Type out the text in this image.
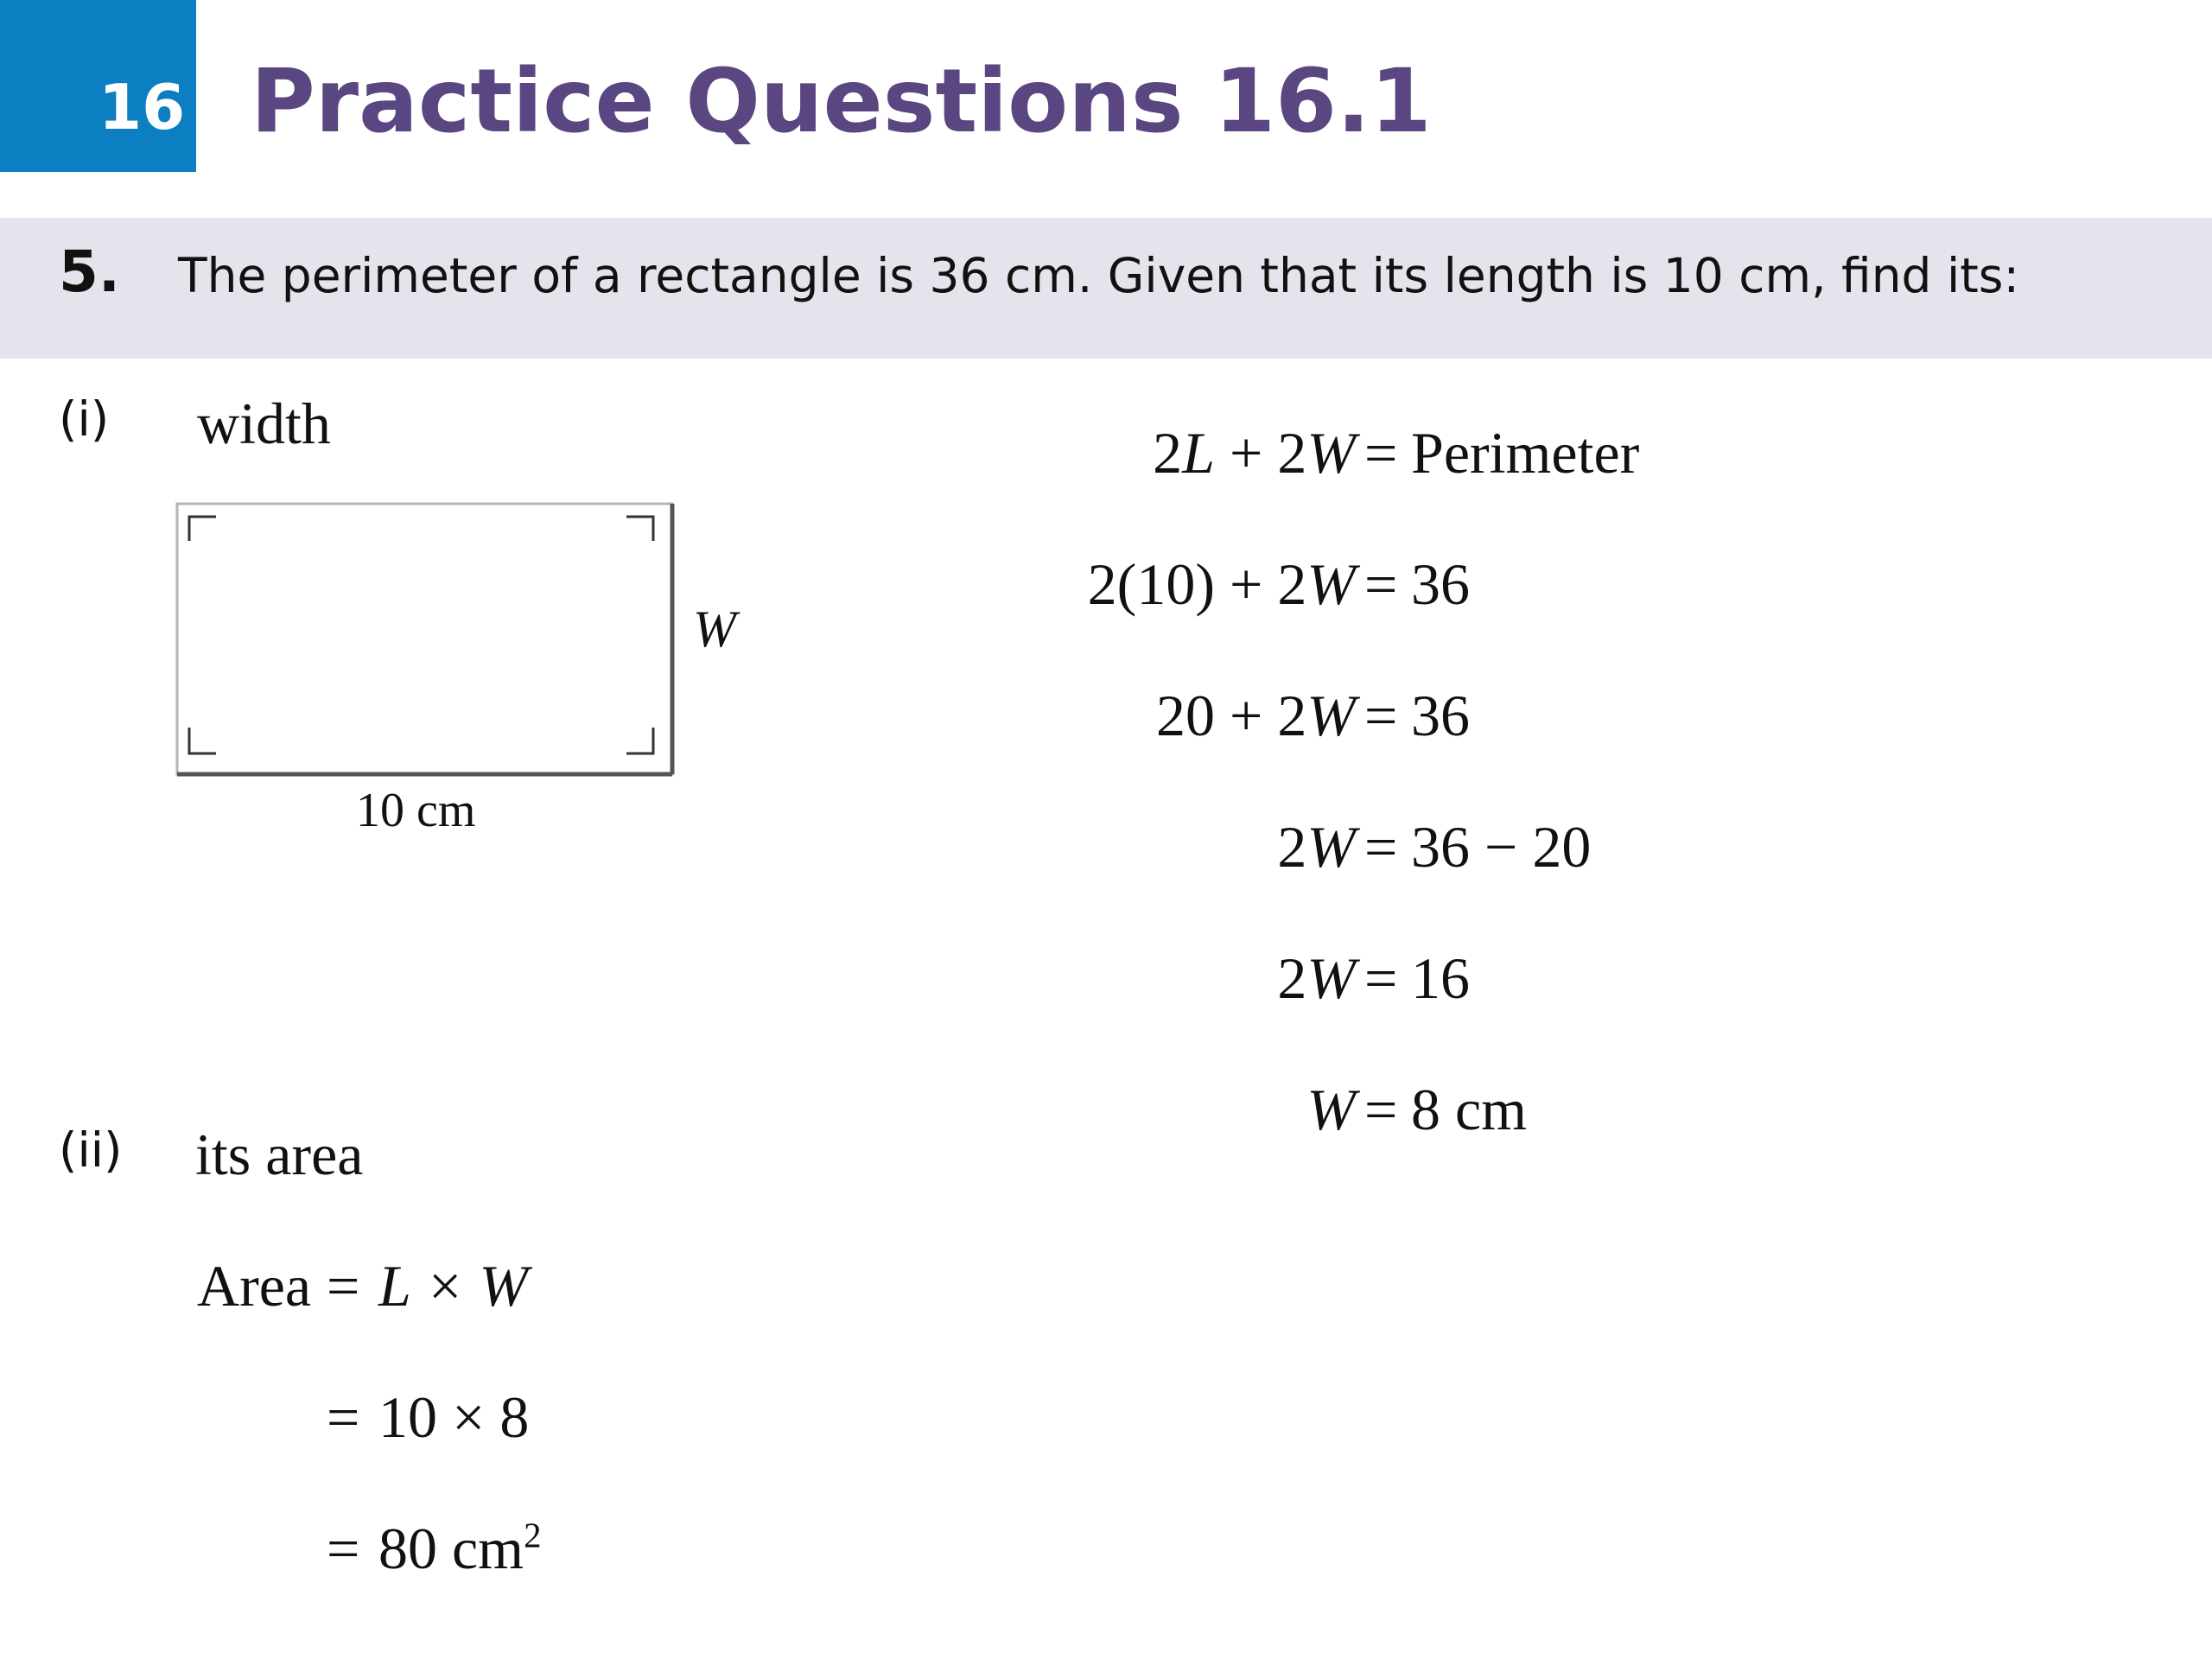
16 Practice Questions 16.1
5. The perimeter of a rectangle is 36 cm. Given that its length is 10 cm, find its:
(i) width
W
10 cm
2L + 2W = Perimeter
2(10) + 2W = 36
20 + 2W = 36
2W = 36 − 20
2W = 16
W = 8 cm
(ii) its area
Area = L × W
= 10 × 8
= 80 $cm^2$
